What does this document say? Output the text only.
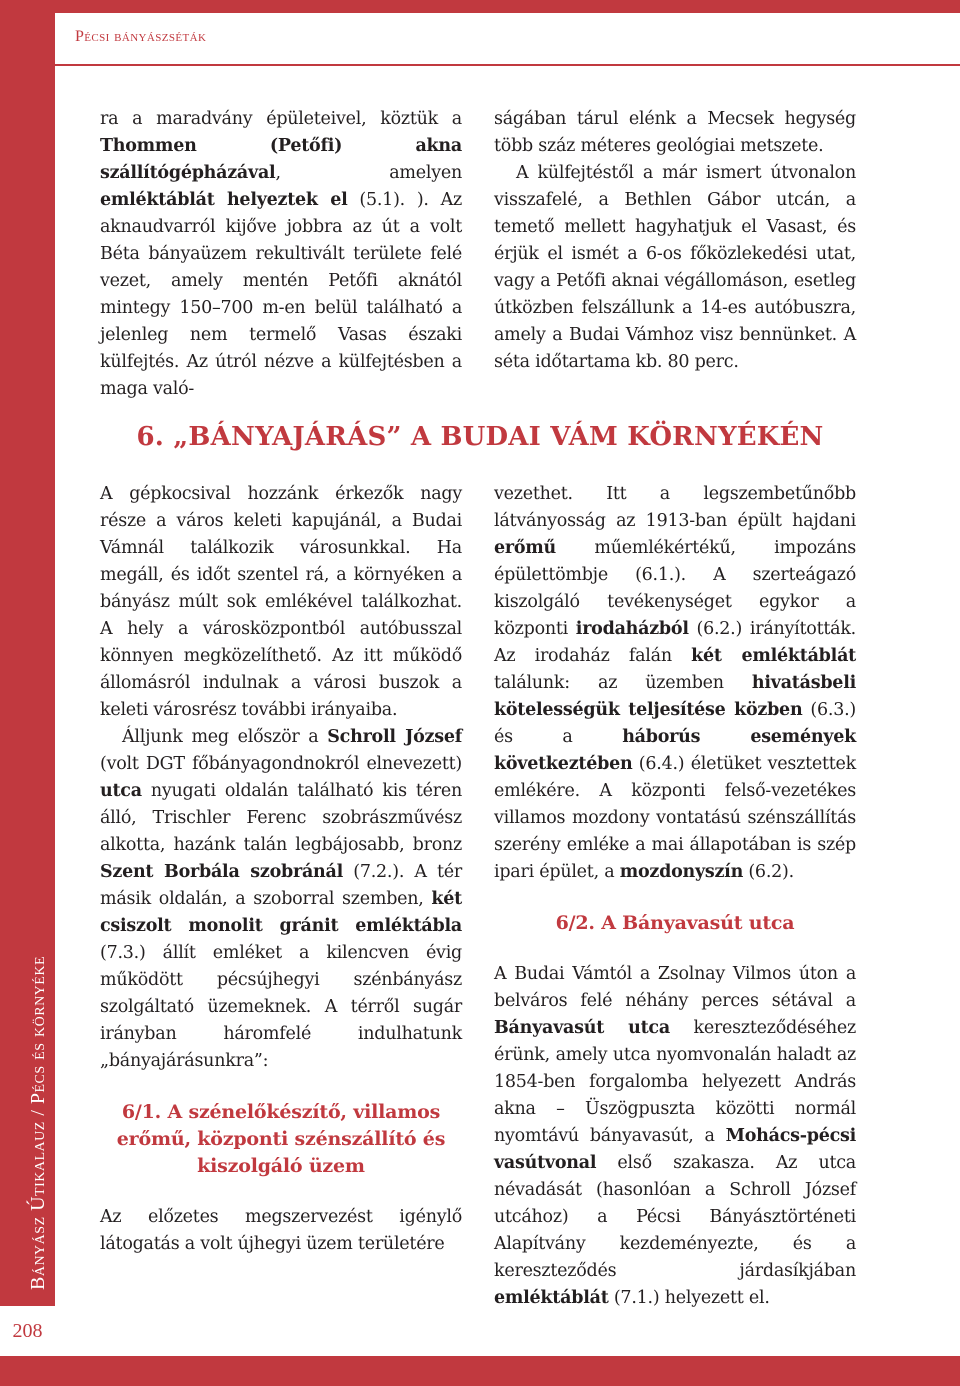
Bányász Útikalauz / Pécs és környéke
208
Pécsi bányászséták

ra a maradvány épületeivel, köztük a Thommen (Petőfi) akna szállítógépházával, amelyen emléktáblát helyeztek el (5.1). ). Az aknaudvarról kijőve jobbra az út a volt Béta bányaüzem rekultivált területe felé vezet, amely mentén Petőfi aknától mintegy 150–700 m-en belül található a jelenleg nem termelő Vasas északi külfejtés. Az útról nézve a külfejtésben a maga való-

ságában tárul elénk a Mecsek hegység több száz méteres geológiai metszete.

A külfejtéstől a már ismert útvonalon visszafelé, a Bethlen Gábor utcán, a temető mellett hagyhatjuk el Vasast, és érjük el ismét a 6-os főközlekedési utat, vagy a Petőfi aknai végállomáson, esetleg útközben felszállunk a 14-es autóbuszra, amely a Budai Vámhoz visz bennünket. A séta időtartama kb. 80 perc.

6. „BÁNYAJÁRÁS” A BUDAI VÁM KÖRNYÉKÉN

A gépkocsival hozzánk érkezők nagy része a város keleti kapujánál, a Budai Vámnál találkozik városunkkal. Ha megáll, és időt szentel rá, a környéken a bányász múlt sok emlékével találkozhat. A hely a városközpontból autóbusszal könnyen megközelíthető. Az itt működő állomásról indulnak a városi buszok a keleti városrész további irányaiba.

Álljunk meg először a Schroll József (volt DGT főbányagondnokról elnevezett) utca nyugati oldalán található kis téren álló, Trischler Ferenc szobrászművész alkotta, hazánk talán legbájosabb, bronz Szent Borbála szobránál (7.2.). A tér másik oldalán, a szoborral szemben, két csiszolt monolit gránit emléktábla (7.3.) állít emléket a kilencven évig működött pécsújhegyi szénbányász szolgáltató üzemeknek. A térről sugár irányban háromfelé indulhatunk „bányajárásunkra”:

6/1. A szénelőkészítő, villamos erőmű, központi szénszállító és kiszolgáló üzem

Az előzetes megszervezést igénylő látogatás a volt újhegyi üzem területére

vezethet. Itt a legszembetűnőbb látványosság az 1913-ban épült hajdani erőmű műemlékértékű, impozáns épülettömbje (6.1.). A szerteágazó kiszolgáló tevékenységet egykor a központi irodaházból (6.2.) irányították. Az irodaház falán két emléktáblát találunk: az üzemben hivatásbeli kötelességük teljesítése közben (6.3.) és a háborús események következtében (6.4.) életüket vesztettek emlékére. A központi felső-vezetékes villamos mozdony vontatású szénszállítás szerény emléke a mai állapotában is szép ipari épület, a mozdonyszín (6.2).

6/2. A Bányavasút utca

A Budai Vámtól a Zsolnay Vilmos úton a belváros felé néhány perces sétával a Bányavasút utca kereszteződéséhez érünk, amely utca nyomvonalán haladt az 1854-ben forgalomba helyezett András akna – Üszögpuszta közötti normál nyomtávú bányavasút, a Mohács-pécsi vasútvonal első szakasza. Az utca névadását (hasonlóan a Schroll József utcához) a Pécsi Bányásztörténeti Alapítvány kezdeményezte, és a kereszteződés járdasíkjában emléktáblát (7.1.) helyezett el.
